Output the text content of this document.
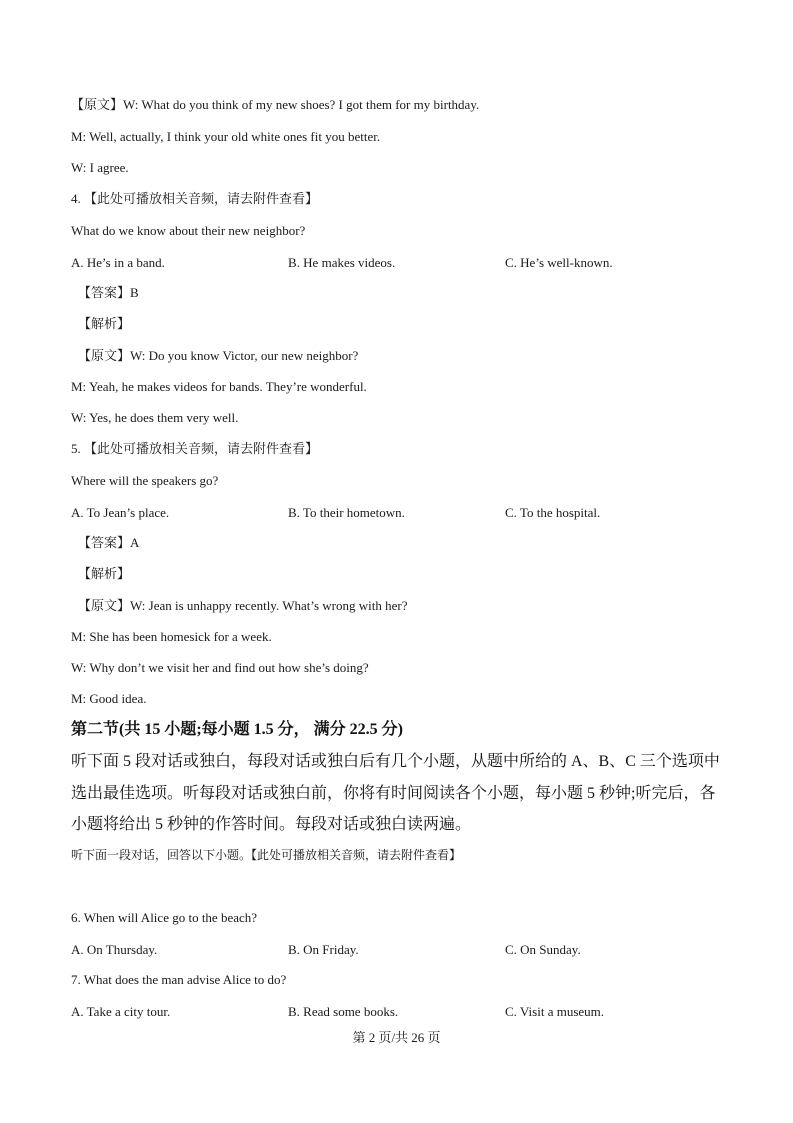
【原文】W: What do you think of my new shoes? I got them for my birthday.
M: Well, actually, I think your old white ones fit you better.
W: I agree.
4. 【此处可播放相关音频，请去附件查看】
What do we know about their new neighbor?
A. He’s in a band.	B. He makes videos.	C. He’s well-known.
【答案】B
【解析】
【原文】W: Do you know Victor, our new neighbor?
M: Yeah, he makes videos for bands. They’re wonderful.
W: Yes, he does them very well.
5. 【此处可播放相关音频，请去附件查看】
Where will the speakers go?
A. To Jean’s place.	B. To their hometown.	C. To the hospital.
【答案】A
【解析】
【原文】W: Jean is unhappy recently. What’s wrong with her?
M: She has been homesick for a week.
W: Why don’t we visit her and find out how she’s doing?
M: Good idea.
第二节(共 15 小题;每小题 1.5 分， 满分 22.5 分)
听下面 5 段对话或独白，每段对话或独白后有几个小题，从题中所给的 A、B、C 三个选项中
选出最佳选项。听每段对话或独白前，你将有时间阅读各个小题，每小题 5 秒钟;听完后，各
小题将给出 5 秒钟的作答时间。每段对话或独白读两遍。
听下面一段对话，回答以下小题。【此处可播放相关音频，请去附件查看】
6. When will Alice go to the beach?
A. On Thursday.	B. On Friday.	C. On Sunday.
7. What does the man advise Alice to do?
A. Take a city tour.	B. Read some books.	C. Visit a museum.
第 2 页/共 26 页
